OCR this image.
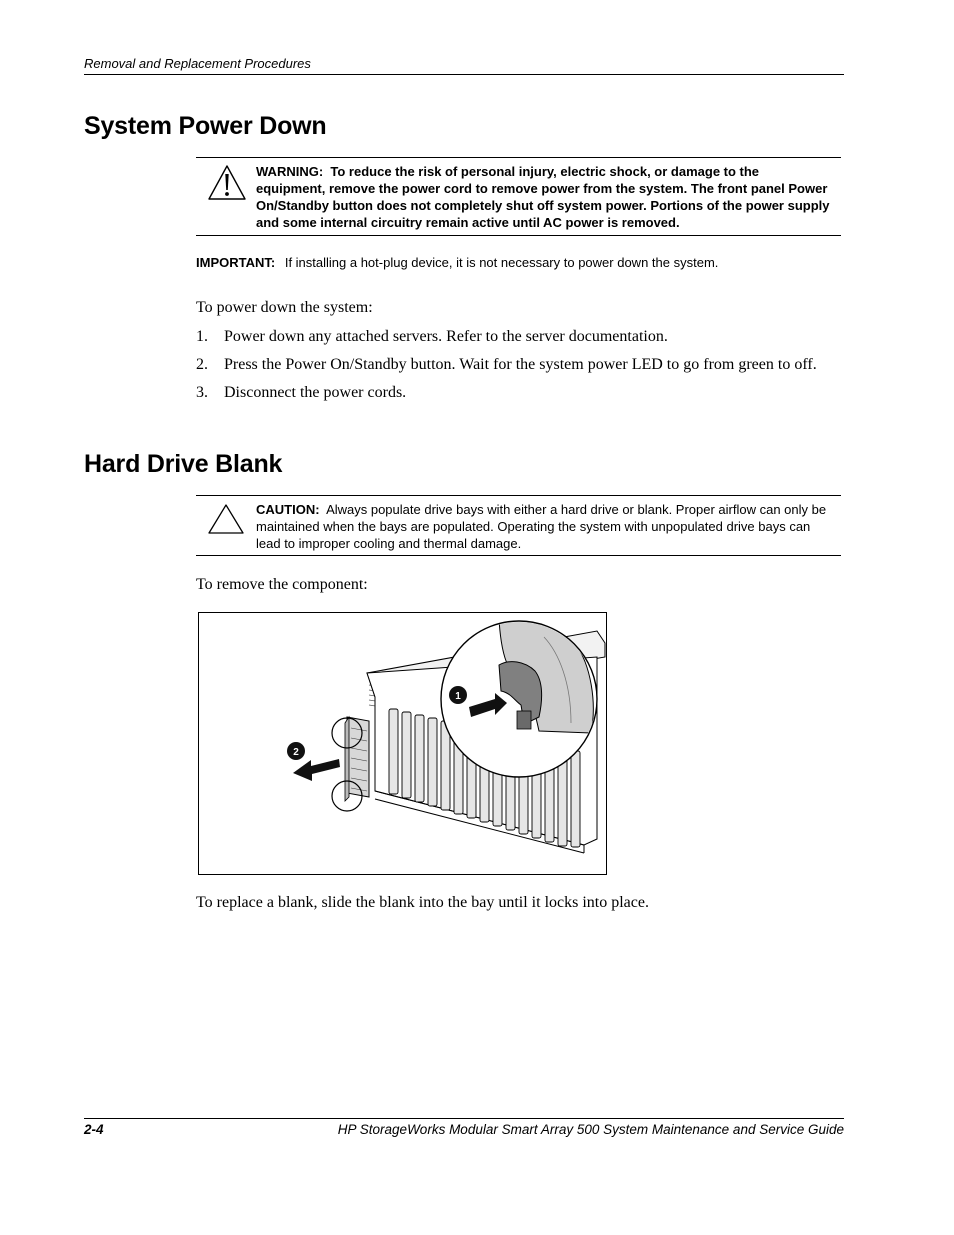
Removal and Replacement Procedures
System Power Down
WARNING: To reduce the risk of personal injury, electric shock, or damage to the equipment, remove the power cord to remove power from the system. The front panel Power On/Standby button does not completely shut off system power. Portions of the power supply and some internal circuitry remain active until AC power is removed.
IMPORTANT: If installing a hot-plug device, it is not necessary to power down the system.
To power down the system:
1. Power down any attached servers. Refer to the server documentation.
2. Press the Power On/Standby button. Wait for the system power LED to go from green to off.
3. Disconnect the power cords.
Hard Drive Blank
CAUTION: Always populate drive bays with either a hard drive or blank. Proper airflow can only be maintained when the bays are populated. Operating the system with unpopulated drive bays can lead to improper cooling and thermal damage.
To remove the component:
2
1
To replace a blank, slide the blank into the bay until it locks into place.
2-4	HP StorageWorks Modular Smart Array 500 System Maintenance and Service Guide
